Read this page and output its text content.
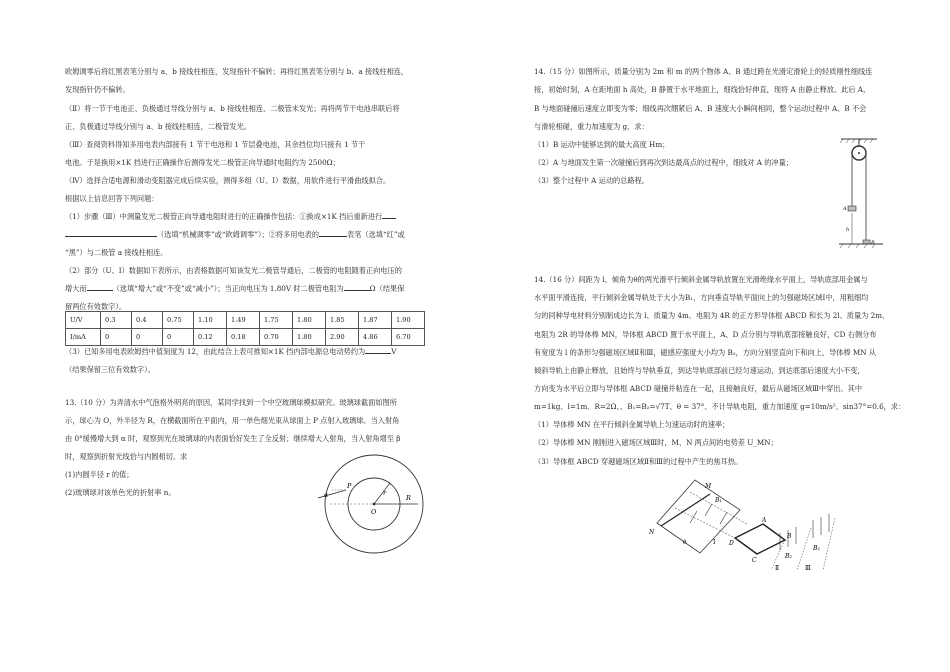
欧姆调零后将红黑表笔分别与 a、b 接线柱相连，发现指针不偏转；再将红黑表笔分别与 b、a 接线柱相连，
发现指针仍不偏转。
（Ⅱ）将一节干电池正、负极通过导线分别与 a、b 接线柱相连，二极管未发光；再将两节干电池串联后将
正、负极通过导线分别与 a、b 接线柱相连，二极管发光。
（Ⅲ）查阅资料得知多用电表内部接有 1 节干电池和 1 节层叠电池，其余挡位均只接有 1 节干
电池。于是换用×1K 挡进行正确操作后测得发光二极管正向导通时电阻约为 2500Ω；
（Ⅳ）选择合适电源和滑动变阻器完成后续实验，测得多组（U、I）数据，用软件进行平滑曲线拟合。
根据以上信息回答下列问题：
（1）步骤（Ⅲ）中测量发光二极管正向导通电阻时进行的正确操作包括：①换成×1K 挡后重新进行
（选填“机械调零”或“欧姆调零”）；②将多用电表的	表笔（选填“红”或
“黑”）与二极管 a 接线柱相连。
（2）部分（U、I）数据如下表所示，由表格数据可知该发光二极管导通后，二极管的电阻随着正向电压的
增大而	（选填“增大”或“不变”或“减小”）；当正向电压为 1.80V 时二极管电阻为	Ω（结果保
留两位有效数字）。
U/V	0.3	0.4	0.75	1.10	1.49	1.75	1.80	1.85	1.87	1.90
I/mA	0	0	0	0.12	0.18	0.70	1.80	2.90	4.86	6.70
（3）已知多用电表欧姆挡中值刻度为 12，由此结合上表可推知×1K 挡内部电源总电动势约为	V
（结果保留三位有效数字）。
13.（10 分）为弄清水中气泡格外明亮的原因，某同学找到一个中空玻璃球模拟研究。玻璃球截面如图所
示，球心为 O，外半径为 R，在横截面所在平面内，用一单色细光束从球面上 P 点射入玻璃球。当入射角
由 0°缓慢增大到 α 时，观察到光在玻璃球的内表面恰好发生了全反射；继续增大入射角，当入射角增至 β
时，观察到折射光线恰与内圆相切。求
(1)内圆半径 r 的值；
(2)玻璃球对该单色光的折射率 n。	α
P
O
r
R
14.（15 分）如图所示，质量分别为 2m 和 m 的两个物体 A、B 通过跨在光滑定滑轮上的轻质刚性细线连
接，初始时刻，A 在距地面 h 高处，B 静置于水平地面上，细线恰好伸直，现将 A 由静止释放。此后 A、
B 与地面碰撞后速度立即变为零；细线再次绷紧后 A、B 速度大小瞬间相同，整个运动过程中 A、B 不会
与滑轮相碰，重力加速度为 g，求：
（1）B 运动中能够达到的最大高度 Hm；
（2）A 与地面发生第一次碰撞后到再次到达最高点的过程中，细线对 A 的冲量；
（3）整个过程中 A 运动的总路程。
A
B
h
14.（16 分）间距为 l、倾角为θ的两光滑平行倾斜金属导轨放置在光滑绝缘水平面上，导轨底部用金属与
水平面平滑连接，平行倾斜金属导轨处于大小为B₁，方向垂直导轨平面向上的匀强磁场区域Ⅰ中，用粗细均
匀的同种导电材料分别制成边长为 l、质量为 4m、电阻为 4R 的正方形导体框 ABCD 和长为 2l、质量为 2m、
电阻为 2R 的导体棒 MN，导体框 ABCD 置于水平面上，A、D 点分别与导轨底部接触良好，CD 右侧分布
有宽度为 l 的条形匀强磁场区域Ⅱ和Ⅲ，磁感应强度大小均为 B₂，方向分别竖直向下和向上，导体棒 MN 从
倾斜导轨上由静止释放，且始终与导轨垂直，到达导轨底部前已经匀速运动，到达底部后速度大小不变，
方向变为水平后立即与导体框 ABCD 碰撞并粘连在一起，且接触良好，最后从磁场区域Ⅲ中穿出。其中
m=1kg、l=1m、R=2Ω、、B₁=B₂=√7T、θ = 37°、不计导轨电阻，重力加速度 g=10m/s²、sin37°=0.6，求：
（1）导体棒 MN 在平行倾斜金属导轨上匀速运动时的速率；
（2）导体棒 MN 刚刚进入磁场区域Ⅲ时，M、N 两点间的电势差 U_MN；
（3）导体框 ABCD 穿越磁场区域Ⅱ和Ⅲ的过程中产生的焦耳热。
M
N
B₁
θ
A
B
C
D
B₂
B₂
Ⅰ
Ⅱ	Ⅲ
